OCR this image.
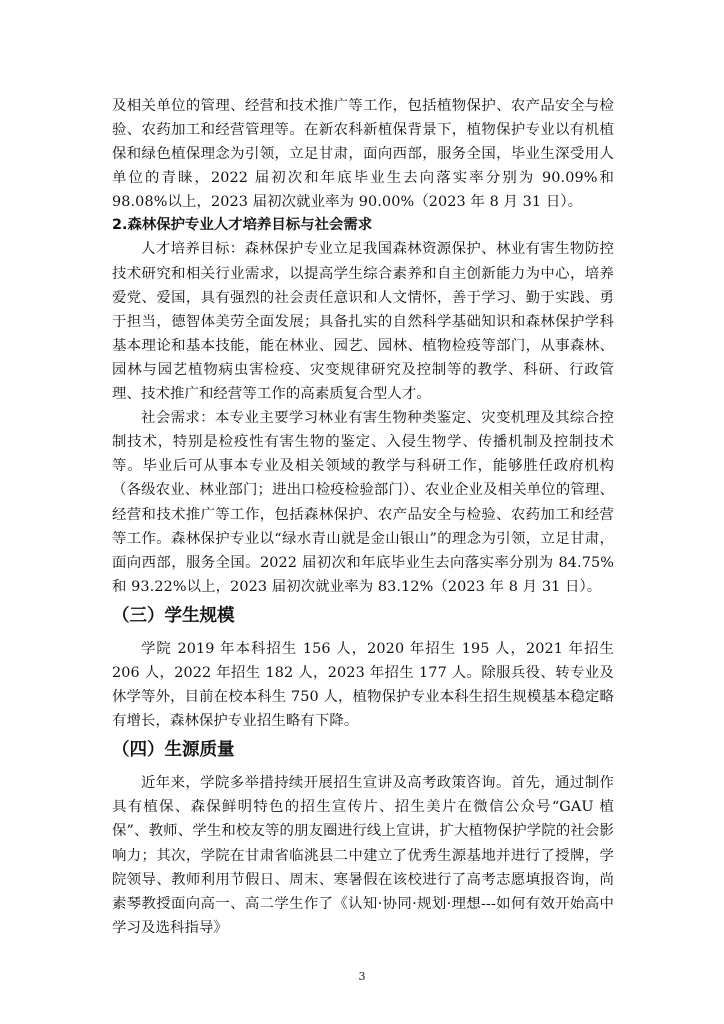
及相关单位的管理、经营和技术推广等工作，包括植物保护、农产品安全与检验、农药加工和经营管理等。在新农科新植保背景下，植物保护专业以有机植保和绿色植保理念为引领，立足甘肃，面向西部，服务全国，毕业生深受用人单位的青睐，2022 届初次和年底毕业生去向落实率分别为 90.09%和 98.08%以上，2023 届初次就业率为 90.00%（2023 年 8 月 31 日）。

2.森林保护专业人才培养目标与社会需求

人才培养目标：森林保护专业立足我国森林资源保护、林业有害生物防控技术研究和相关行业需求，以提高学生综合素养和自主创新能力为中心，培养爱党、爱国，具有强烈的社会责任意识和人文情怀，善于学习、勤于实践、勇于担当，德智体美劳全面发展；具备扎实的自然科学基础知识和森林保护学科基本理论和基本技能，能在林业、园艺、园林、植物检疫等部门，从事森林、园林与园艺植物病虫害检疫、灾变规律研究及控制等的教学、科研、行政管理、技术推广和经营等工作的高素质复合型人才。

社会需求：本专业主要学习林业有害生物种类鉴定、灾变机理及其综合控制技术，特别是检疫性有害生物的鉴定、入侵生物学、传播机制及控制技术等。毕业后可从事本专业及相关领域的教学与科研工作，能够胜任政府机构（各级农业、林业部门；进出口检疫检验部门）、农业企业及相关单位的管理、经营和技术推广等工作，包括森林保护、农产品安全与检验、农药加工和经营等工作。森林保护专业以“绿水青山就是金山银山”的理念为引领，立足甘肃，面向西部，服务全国。2022 届初次和年底毕业生去向落实率分别为 84.75%和 93.22%以上，2023 届初次就业率为 83.12%（2023 年 8 月 31 日）。

（三）学生规模

学院 2019 年本科招生 156 人，2020 年招生 195 人，2021 年招生 206 人，2022 年招生 182 人，2023 年招生 177 人。除服兵役、转专业及休学等外，目前在校本科生 750 人，植物保护专业本科生招生规模基本稳定略有增长，森林保护专业招生略有下降。

（四）生源质量

近年来，学院多举措持续开展招生宣讲及高考政策咨询。首先，通过制作具有植保、森保鲜明特色的招生宣传片、招生美片在微信公众号“GAU 植保”、教师、学生和校友等的朋友圈进行线上宣讲，扩大植物保护学院的社会影响力；其次，学院在甘肃省临洮县二中建立了优秀生源基地并进行了授牌，学院领导、教师利用节假日、周末、寒暑假在该校进行了高考志愿填报咨询，尚素琴教授面向高一、高二学生作了《认知·协同·规划·理想---如何有效开始高中学习及选科指导》

3
